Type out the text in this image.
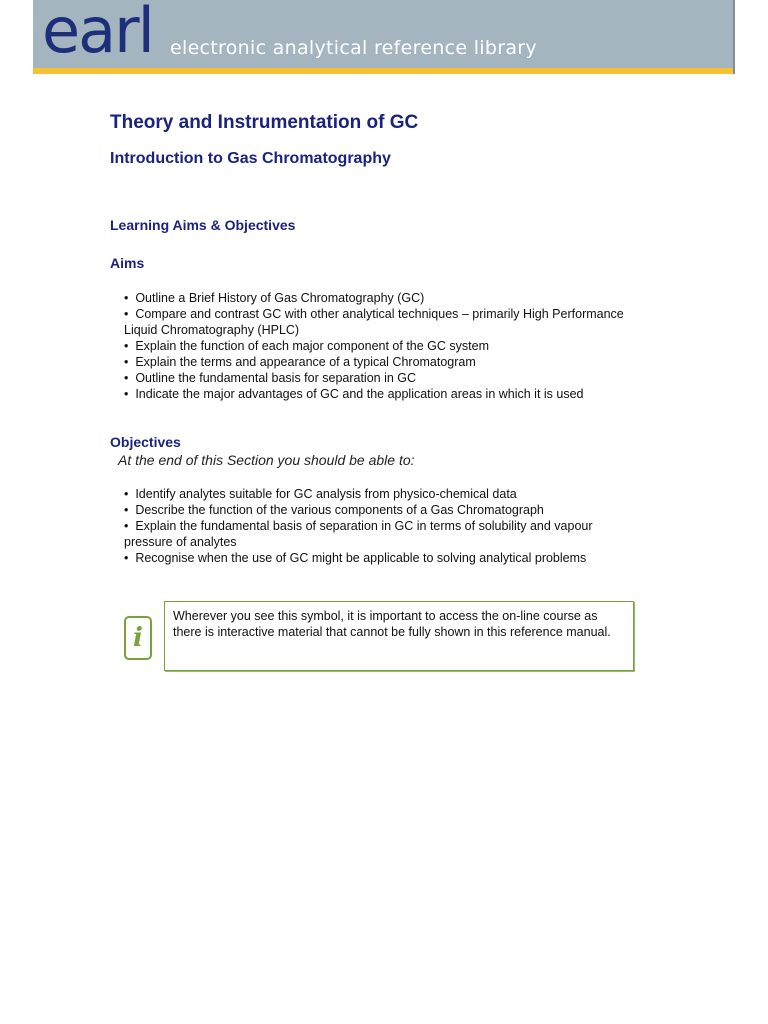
earl electronic analytical reference library
Theory and Instrumentation of GC
Introduction to Gas Chromatography
Learning Aims & Objectives
Aims
•  Outline a Brief History of Gas Chromatography (GC)
•  Compare and contrast GC with other analytical techniques – primarily High Performance Liquid Chromatography (HPLC)
•  Explain the function of each major component of the GC system
•  Explain the terms and appearance of a typical Chromatogram
•  Outline the fundamental basis for separation in GC
•  Indicate the major advantages of GC and the application areas in which it is used
Objectives
At the end of this Section you should be able to:
•  Identify analytes suitable for GC analysis from physico-chemical data
•  Describe the function of the various components of a Gas Chromatograph
•  Explain the fundamental basis of separation in GC in terms of solubility and vapour pressure of analytes
•  Recognise when the use of GC might be applicable to solving analytical problems
i
Wherever you see this symbol, it is important to access the on-line course as there is interactive material that cannot be fully shown in this reference manual.
